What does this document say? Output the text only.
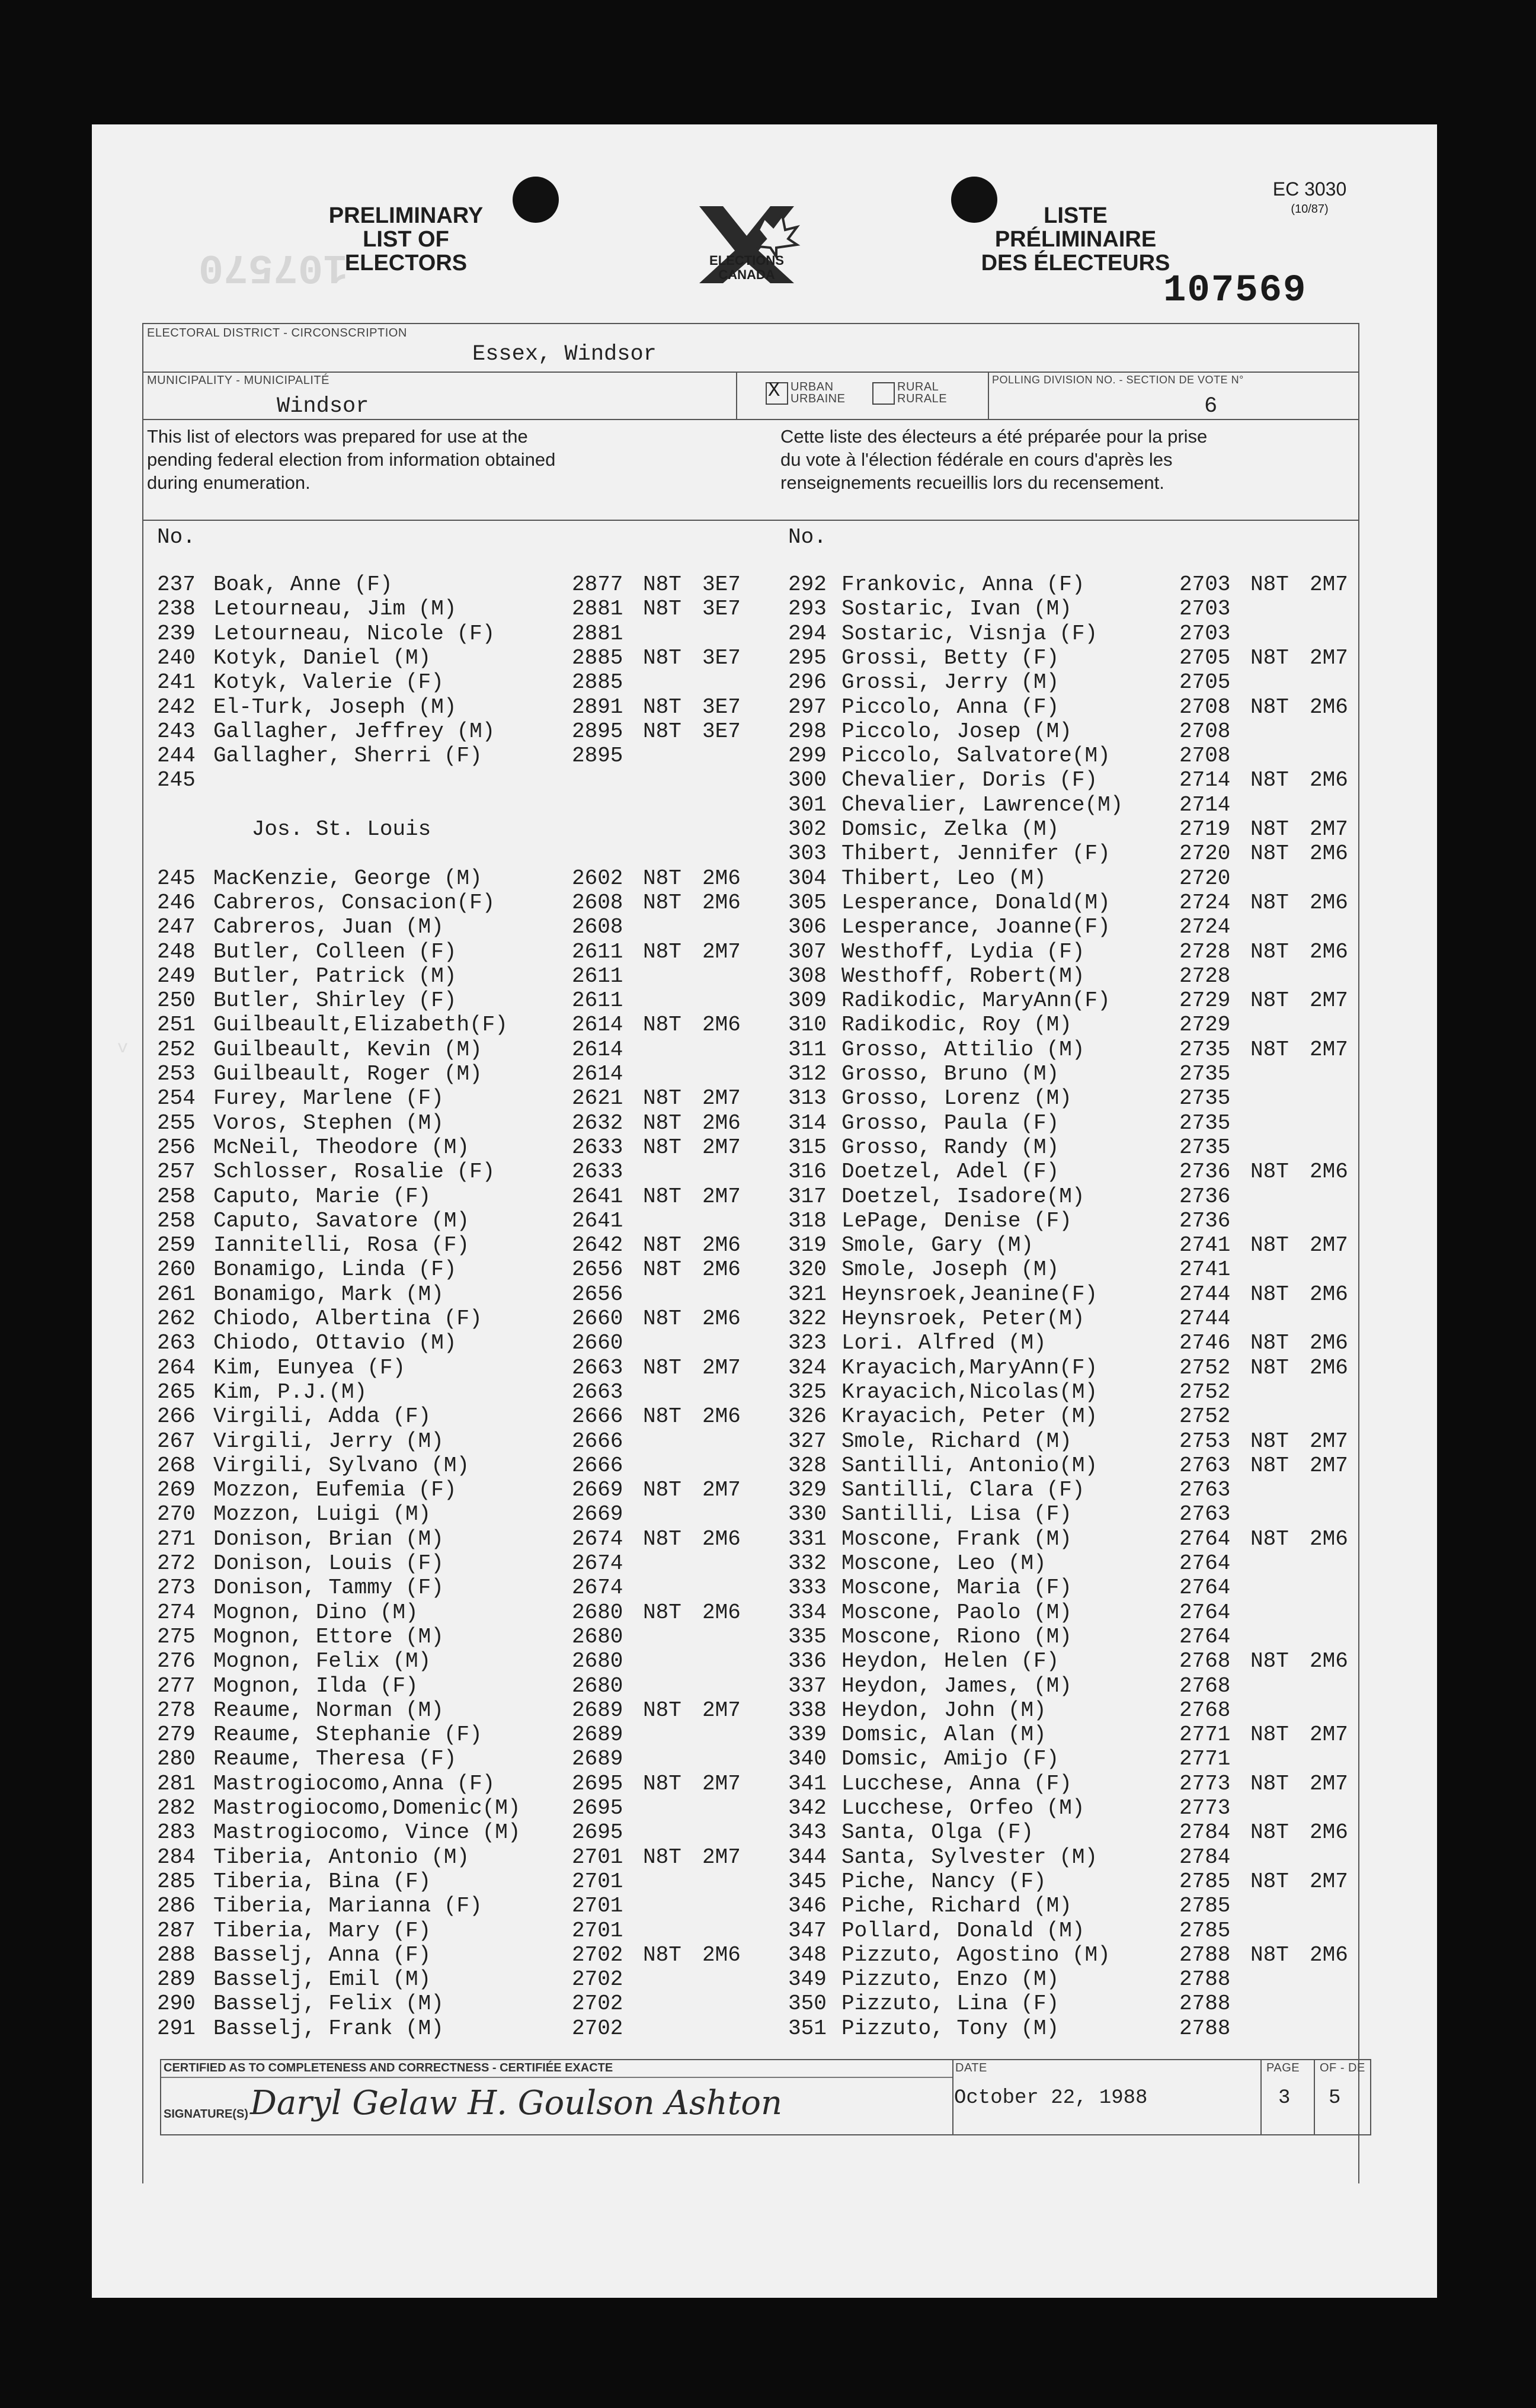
PRELIMINARY
LIST OF
ELECTORS	ELECTIONS
CANADA
LISTE
PRÉLIMINAIRE
DES ÉLECTEURS
EC 3030
(10/87)
107570
107569
ELECTORAL DISTRICT - CIRCONSCRIPTION
Essex, Windsor
MUNICIPALITY - MUNICIPALITÉ
Windsor
X URBAN
URBAINE
RURAL
RURALE
POLLING DIVISION NO. - SECTION DE VOTE N°
6
This list of electors was prepared for use at the
pending federal election from information obtained
during enumeration.
Cette liste des électeurs a été préparée pour la prise
du vote à l'élection fédérale en cours d'après les
renseignements recueillis lors du recensement.
No.	No.
v
237 Boak, Anne (F)	2877 N8T 3E7
238 Letourneau, Jim (M)	2881 N8T 3E7
239 Letourneau, Nicole (F)	2881
240 Kotyk, Daniel (M)	2885 N8T 3E7
241 Kotyk, Valerie (F)	2885
242 El-Turk, Joseph (M)	2891 N8T 3E7
243 Gallagher, Jeffrey (M)	2895 N8T 3E7
244 Gallagher, Sherri (F)	2895
245
Jos. St. Louis
245 MacKenzie, George (M)	2602 N8T 2M6
246 Cabreros, Consacion(F)	2608 N8T 2M6
247 Cabreros, Juan (M)	2608
248 Butler, Colleen (F)	2611 N8T 2M7
249 Butler, Patrick (M)	2611
250 Butler, Shirley (F)	2611
251 Guilbeault,Elizabeth(F)	2614 N8T 2M6
252 Guilbeault, Kevin (M)	2614
253 Guilbeault, Roger (M)	2614
254 Furey, Marlene (F)	2621 N8T 2M7
255 Voros, Stephen (M)	2632 N8T 2M6
256 McNeil, Theodore (M)	2633 N8T 2M7
257 Schlosser, Rosalie (F)	2633
258 Caputo, Marie (F)	2641 N8T 2M7
258 Caputo, Savatore (M)	2641
259 Iannitelli, Rosa (F)	2642 N8T 2M6
260 Bonamigo, Linda (F)	2656 N8T 2M6
261 Bonamigo, Mark (M)	2656
262 Chiodo, Albertina (F)	2660 N8T 2M6
263 Chiodo, Ottavio (M)	2660
264 Kim, Eunyea (F)	2663 N8T 2M7
265 Kim, P.J.(M)	2663
266 Virgili, Adda (F)	2666 N8T 2M6
267 Virgili, Jerry (M)	2666
268 Virgili, Sylvano (M)	2666
269 Mozzon, Eufemia (F)	2669 N8T 2M7
270 Mozzon, Luigi (M)	2669
271 Donison, Brian (M)	2674 N8T 2M6
272 Donison, Louis (F)	2674
273 Donison, Tammy (F)	2674
274 Mognon, Dino (M)	2680 N8T 2M6
275 Mognon, Ettore (M)	2680
276 Mognon, Felix (M)	2680
277 Mognon, Ilda (F)	2680
278 Reaume, Norman (M)	2689 N8T 2M7
279 Reaume, Stephanie (F)	2689
280 Reaume, Theresa (F)	2689
281 Mastrogiocomo,Anna (F)	2695 N8T 2M7
282 Mastrogiocomo,Domenic(M) 2695
283 Mastrogiocomo, Vince (M) 2695
284 Tiberia, Antonio (M)	2701 N8T 2M7
285 Tiberia, Bina (F)	2701
286 Tiberia, Marianna (F)	2701
287 Tiberia, Mary (F)	2701
288 Basselj, Anna (F)	2702 N8T 2M6
289 Basselj, Emil (M)	2702
290 Basselj, Felix (M)	2702
291 Basselj, Frank (M)	2702
292 Frankovic, Anna (F)	2703 N8T 2M7
293 Sostaric, Ivan (M)	2703
294 Sostaric, Visnja (F)	2703
295 Grossi, Betty (F)	2705 N8T 2M7
296 Grossi, Jerry (M)	2705
297 Piccolo, Anna (F)	2708 N8T 2M6
298 Piccolo, Josep (M)	2708
299 Piccolo, Salvatore(M)	2708
300 Chevalier, Doris (F)	2714 N8T 2M6
301 Chevalier, Lawrence(M)	2714
302 Domsic, Zelka (M)	2719 N8T 2M7
303 Thibert, Jennifer (F)	2720 N8T 2M6
304 Thibert, Leo (M)	2720
305 Lesperance, Donald(M)	2724 N8T 2M6
306 Lesperance, Joanne(F)	2724
307 Westhoff, Lydia (F)	2728 N8T 2M6
308 Westhoff, Robert(M)	2728
309 Radikodic, MaryAnn(F)	2729 N8T 2M7
310 Radikodic, Roy (M)	2729
311 Grosso, Attilio (M)	2735 N8T 2M7
312 Grosso, Bruno (M)	2735
313 Grosso, Lorenz (M)	2735
314 Grosso, Paula (F)	2735
315 Grosso, Randy (M)	2735
316 Doetzel, Adel (F)	2736 N8T 2M6
317 Doetzel, Isadore(M)	2736
318 LePage, Denise (F)	2736
319 Smole, Gary (M)	2741 N8T 2M7
320 Smole, Joseph (M)	2741
321 Heynsroek,Jeanine(F)	2744 N8T 2M6
322 Heynsroek, Peter(M)	2744
323 Lori. Alfred (M)	2746 N8T 2M6
324 Krayacich,MaryAnn(F)	2752 N8T 2M6
325 Krayacich,Nicolas(M)	2752
326 Krayacich, Peter (M)	2752
327 Smole, Richard (M)	2753 N8T 2M7
328 Santilli, Antonio(M)	2763 N8T 2M7
329 Santilli, Clara (F)	2763
330 Santilli, Lisa (F)	2763
331 Moscone, Frank (M)	2764 N8T 2M6
332 Moscone, Leo (M)	2764
333 Moscone, Maria (F)	2764
334 Moscone, Paolo (M)	2764
335 Moscone, Riono (M)	2764
336 Heydon, Helen (F)	2768 N8T 2M6
337 Heydon, James, (M)	2768
338 Heydon, John (M)	2768
339 Domsic, Alan (M)	2771 N8T 2M7
340 Domsic, Amijo (F)	2771
341 Lucchese, Anna (F)	2773 N8T 2M7
342 Lucchese, Orfeo (M)	2773
343 Santa, Olga (F)	2784 N8T 2M6
344 Santa, Sylvester (M)	2784
345 Piche, Nancy (F)	2785 N8T 2M7
346 Piche, Richard (M)	2785
347 Pollard, Donald (M)	2785
348 Pizzuto, Agostino (M)	2788 N8T 2M6
349 Pizzuto, Enzo (M)	2788
350 Pizzuto, Lina (F)	2788
351 Pizzuto, Tony (M)	2788
CERTIFIED AS TO COMPLETENESS AND CORRECTNESS - CERTIFIÉE EXACTE
SIGNATURE(S) Daryl Gelaw H. Goulson Ashton
DATE
October 22, 1988
PAGE
3
OF - DE
5
